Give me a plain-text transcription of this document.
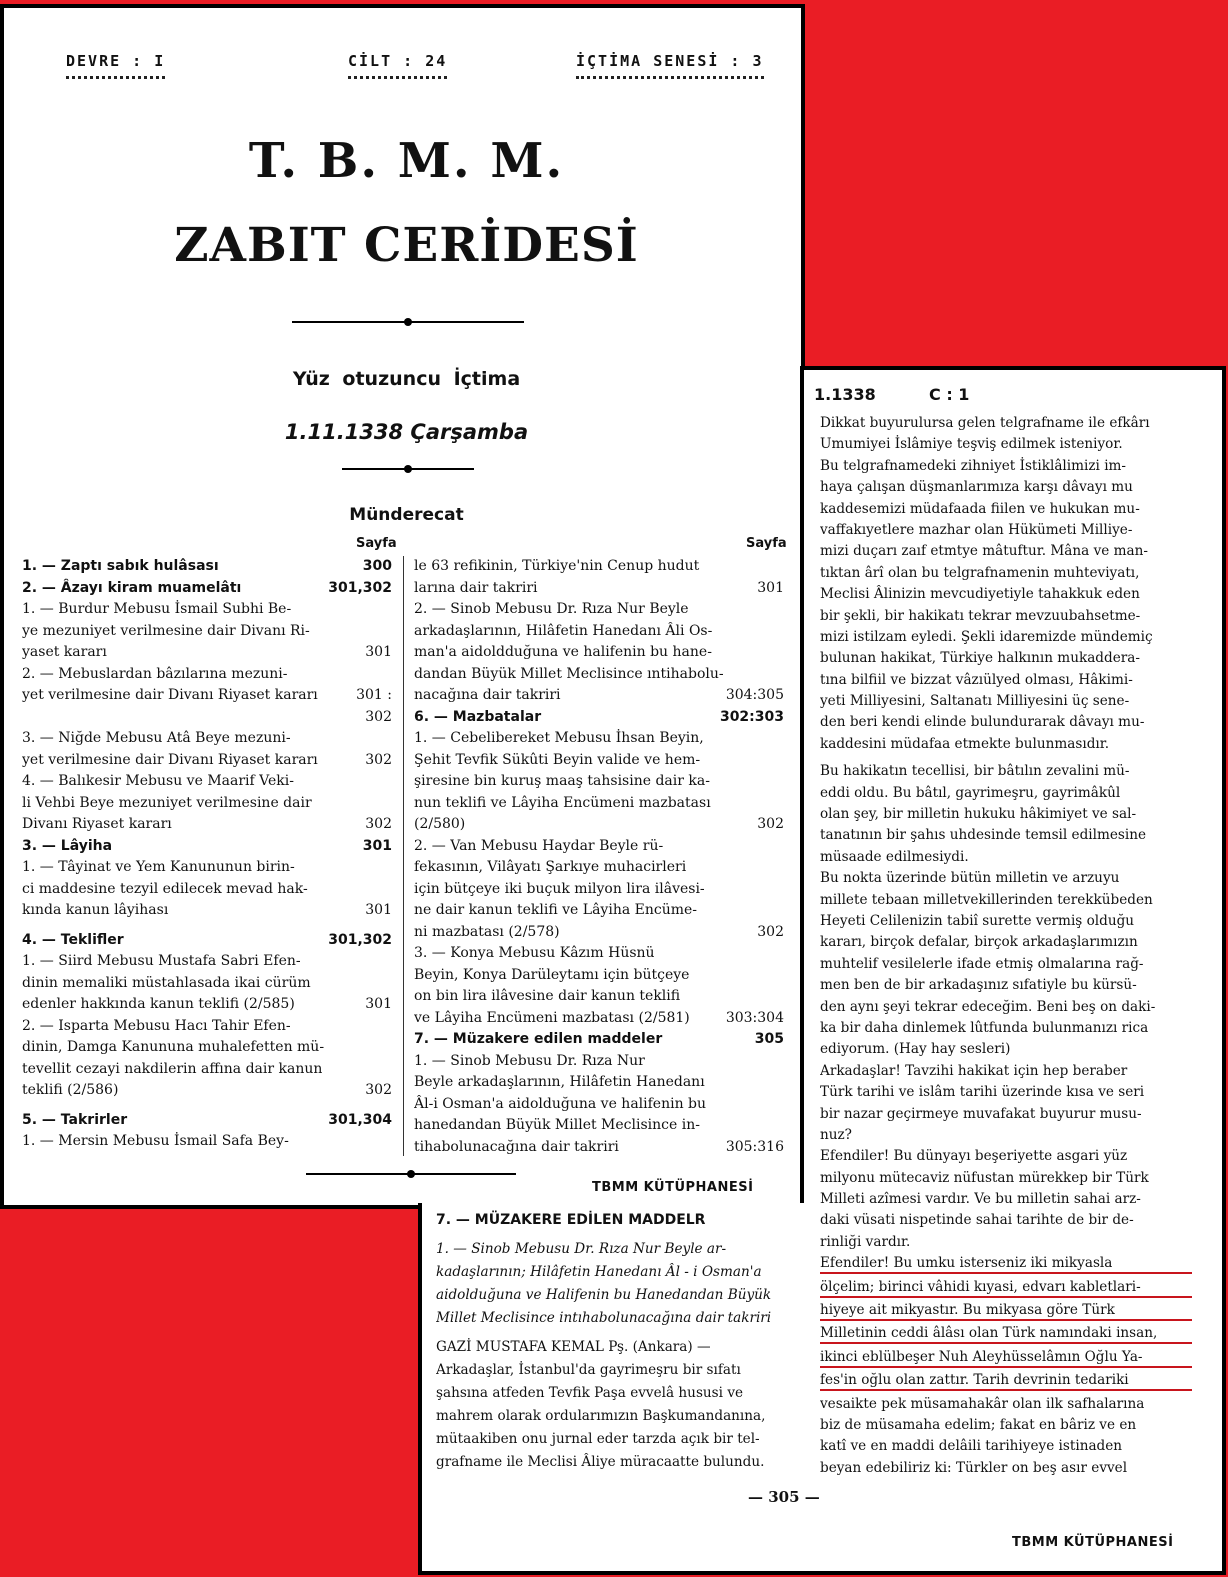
DEVRE : I	CİLT : 24	İÇTİMA SENESİ : 3
T. B. M. M.
ZABIT CERİDESİ
Yüz otuzuncu İçtima
1.11.1338 Çarşamba
Münderecat
Sayfa	Sayfa
1. — Zaptı sabık hulâsası	300
2. — Âzayı kiram muamelâtı	301,302
1. — Burdur Mebusu İsmail Subhi Be-
ye mezuniyet verilmesine dair Divanı Ri-
yaset kararı	301
2. — Mebuslardan bâzılarına mezuni-
yet verilmesine dair Divanı Riyaset kararı	301 :
302
3. — Niğde Mebusu Atâ Beye mezuni-
yet verilmesine dair Divanı Riyaset kararı	302
4. — Balıkesir Mebusu ve Maarif Veki-
li Vehbi Beye mezuniyet verilmesine dair
Divanı Riyaset kararı	302
3. — Lâyiha	301
1. — Tâyinat ve Yem Kanununun birin-
ci maddesine tezyil edilecek mevad hak-
kında kanun lâyihası	301
4. — Teklifler	301,302
1. — Siird Mebusu Mustafa Sabri Efen-
dinin memaliki müstahlasada ikai cürüm
edenler hakkında kanun teklifi (2/585)	301
2. — Isparta Mebusu Hacı Tahir Efen-
dinin, Damga Kanununa muhalefetten mü-
tevellit cezayi nakdilerin affına dair kanun
teklifi (2/586)	302
5. — Takrirler	301,304
1. — Mersin Mebusu İsmail Safa Bey-
le 63 refikinin, Türkiye'nin Cenup hudut
larına dair takriri	301
2. — Sinob Mebusu Dr. Rıza Nur Beyle
arkadaşlarının, Hilâfetin Hanedanı Âli Os-
man'a aidoldduğuna ve halifenin bu hane-
dandan Büyük Millet Meclisince ıntihabolu-
nacağına dair takriri	304:305
6. — Mazbatalar	302:303
1. — Cebelibereket Mebusu İhsan Beyin,
Şehit Tevfik Sükûti Beyin valide ve hem-
şiresine bin kuruş maaş tahsisine dair ka-
nun teklifi ve Lâyiha Encümeni mazbatası
(2/580)	302
2. — Van Mebusu Haydar Beyle rü-
fekasının, Vilâyatı Şarkıye muhacirleri
için bütçeye iki buçuk milyon lira ilâvesi-
ne dair kanun teklifi ve Lâyiha Encüme-
ni mazbatası (2/578)	302
3. — Konya Mebusu Kâzım Hüsnü
Beyin, Konya Darüleytamı için bütçeye
on bin lira ilâvesine dair kanun teklifi
ve Lâyiha Encümeni mazbatası (2/581)	303:304
7. — Müzakere edilen maddeler	305
1. — Sinob Mebusu Dr. Rıza Nur
Beyle arkadaşlarının, Hilâfetin Hanedanı
Âl-i Osman'a aidolduğuna ve halifenin bu
hanedandan Büyük Millet Meclisince in-
tihabolunacağına dair takriri	305:316
TBMM KÜTÜPHANESİ
1.1338	C : 1
Dikkat buyurulursa gelen telgrafname ile efkârı
Umumiyei İslâmiye teşviş edilmek isteniyor.
Bu telgrafnamedeki zihniyet İstiklâlimizi im-
haya çalışan düşmanlarımıza karşı dâvayı mu
kaddesemizi müdafaada fiilen ve hukukan mu-
vaffakıyetlere mazhar olan Hükümeti Milliye-
mizi duçarı zaıf etmtye mâtuftur. Mâna ve man-
tıktan ârî olan bu telgrafnamenin muhteviyatı,
Meclisi Âlinizin mevcudiyetiyle tahakkuk eden
bir şekli, bir hakikatı tekrar mevzuubahsetme-
mizi istilzam eyledi. Şekli idaremizde mündemiç
bulunan hakikat, Türkiye halkının mukaddera-
tına bilfiil ve bizzat vâzıülyed olması, Hâkimi-
yeti Milliyesini, Saltanatı Milliyesini üç sene-
den beri kendi elinde bulundurarak dâvayı mu-
kaddesini müdafaa etmekte bulunmasıdır.
Bu hakikatın tecellisi, bir bâtılın zevalini mü-
eddi oldu. Bu bâtıl, gayrimeşru, gayrimâkûl
olan şey, bir milletin hukuku hâkimiyet ve sal-
tanatının bir şahıs uhdesinde temsil edilmesine
müsaade edilmesiydi.
Bu nokta üzerinde bütün milletin ve arzuyu
millete tebaan milletvekillerinden terekkübeden
Heyeti Celilenizin tabiî surette vermiş olduğu
kararı, birçok defalar, birçok arkadaşlarımızın
muhtelif vesilelerle ifade etmiş olmalarına rağ-
men ben de bir arkadaşınız sıfatiyle bu kürsü-
den aynı şeyi tekrar edeceğim. Beni beş on daki-
ka bir daha dinlemek lûtfunda bulunmanızı rica
ediyorum. (Hay hay sesleri)
Arkadaşlar! Tavzihi hakikat için hep beraber
Türk tarihi ve islâm tarihi üzerinde kısa ve seri
bir nazar geçirmeye muvafakat buyurur musu-
nuz?
Efendiler! Bu dünyayı beşeriyette asgari yüz
milyonu mütecaviz nüfustan mürekkep bir Türk
Milleti azîmesi vardır. Ve bu milletin sahai arz-
daki vüsati nispetinde sahai tarihte de bir de-
rinliği vardır.
Efendiler! Bu umku isterseniz iki mikyasla
ölçelim; birinci vâhidi kıyasi, edvarı kabletlari-
hiyeye ait mikyastır. Bu mikyasa göre Türk
Milletinin ceddi âlâsı olan Türk namındaki insan,
ikinci eblülbeşer Nuh Aleyhüsselâmın Oğlu Ya-
fes'in oğlu olan zattır. Tarih devrinin tedariki
vesaikte pek müsamahakâr olan ilk safhalarına
biz de müsamaha edelim; fakat en bâriz ve en
katî ve en maddi delâili tarihiyeye istinaden
beyan edebiliriz ki: Türkler on beş asır evvel
TBMM KÜTÜPHANESİ
7. — MÜZAKERE EDİLEN MADDELR
1. — Sinob Mebusu Dr. Rıza Nur Beyle ar-
kadaşlarının; Hilâfetin Hanedanı Âl - i Osman'a
aidolduğuna ve Halifenin bu Hanedandan Büyük
Millet Meclisince intıhabolunacağına dair takriri
GAZİ MUSTAFA KEMAL Pş. (Ankara) —
Arkadaşlar, İstanbul'da gayrimeşru bir sıfatı
şahsına atfeden Tevfik Paşa evvelâ hususi ve
mahrem olarak ordularımızın Başkumandanına,
mütaakiben onu jurnal eder tarzda açık bir tel-
grafname ile Meclisi Âliye müracaatte bulundu.
— 305 —
